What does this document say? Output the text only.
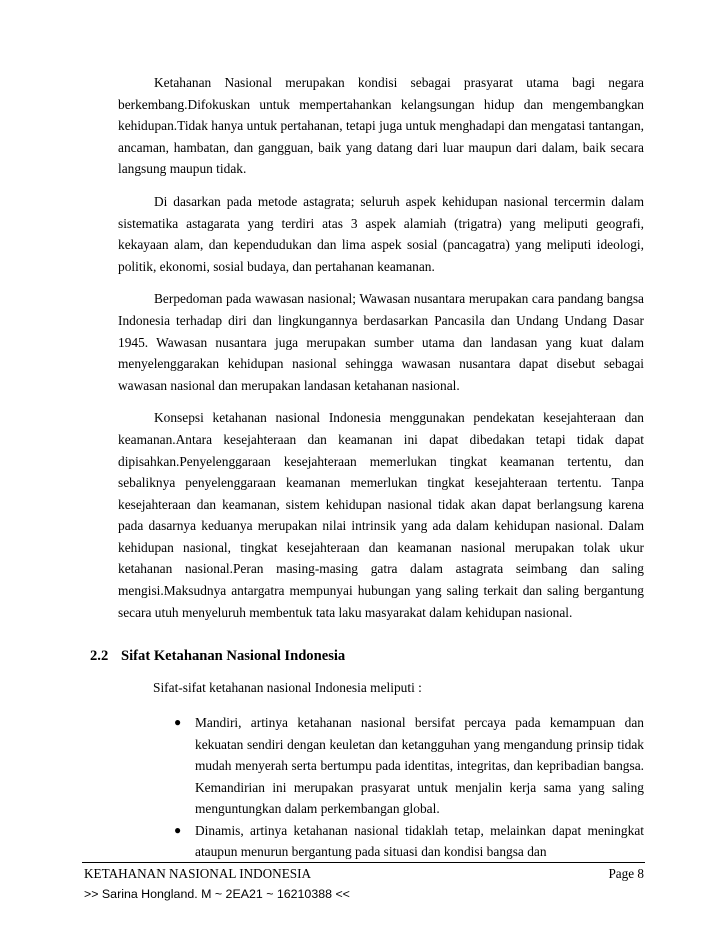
Ketahanan Nasional merupakan kondisi sebagai prasyarat utama bagi negara berkembang.Difokuskan untuk mempertahankan kelangsungan hidup dan mengembangkan kehidupan.Tidak hanya untuk pertahanan, tetapi juga untuk menghadapi dan mengatasi tantangan, ancaman, hambatan, dan gangguan, baik yang datang dari luar maupun dari dalam, baik secara langsung maupun tidak.

Di dasarkan pada metode astagrata; seluruh aspek kehidupan nasional tercermin dalam sistematika astagarata yang terdiri atas 3 aspek alamiah (trigatra) yang meliputi geografi, kekayaan alam, dan kependudukan dan lima aspek sosial (pancagatra) yang meliputi ideologi, politik, ekonomi, sosial budaya, dan pertahanan keamanan.

Berpedoman pada wawasan nasional; Wawasan nusantara merupakan cara pandang bangsa Indonesia terhadap diri dan lingkungannya berdasarkan Pancasila dan Undang Undang Dasar 1945. Wawasan nusantara juga merupakan sumber utama dan landasan yang kuat dalam menyelenggarakan kehidupan nasional sehingga wawasan nusantara dapat disebut sebagai wawasan nasional dan merupakan landasan ketahanan nasional.

Konsepsi ketahanan nasional Indonesia menggunakan pendekatan kesejahteraan dan keamanan.Antara kesejahteraan dan keamanan ini dapat dibedakan tetapi tidak dapat dipisahkan.Penyelenggaraan kesejahteraan memerlukan tingkat keamanan tertentu, dan sebaliknya penyelenggaraan keamanan memerlukan tingkat kesejahteraan tertentu. Tanpa kesejahteraan dan keamanan, sistem kehidupan nasional tidak akan dapat berlangsung karena pada dasarnya keduanya merupakan nilai intrinsik yang ada dalam kehidupan nasional. Dalam kehidupan nasional, tingkat kesejahteraan dan keamanan nasional merupakan tolak ukur ketahanan nasional.Peran masing-masing gatra dalam astagrata seimbang dan saling mengisi.Maksudnya antargatra mempunyai hubungan yang saling terkait dan saling bergantung secara utuh menyeluruh membentuk tata laku masyarakat dalam kehidupan nasional.

2.2 Sifat Ketahanan Nasional Indonesia

Sifat-sifat ketahanan nasional Indonesia meliputi :

● Mandiri, artinya ketahanan nasional bersifat percaya pada kemampuan dan kekuatan sendiri dengan keuletan dan ketangguhan yang mengandung prinsip tidak mudah menyerah serta bertumpu pada identitas, integritas, dan kepribadian bangsa. Kemandirian ini merupakan prasyarat untuk menjalin kerja sama yang saling menguntungkan dalam perkembangan global.
● Dinamis, artinya ketahanan nasional tidaklah tetap, melainkan dapat meningkat ataupun menurun bergantung pada situasi dan kondisi bangsa dan

KETAHANAN NASIONAL INDONESIA	Page 8

>> Sarina Hongland. M ~ 2EA21 ~ 16210388 <<
